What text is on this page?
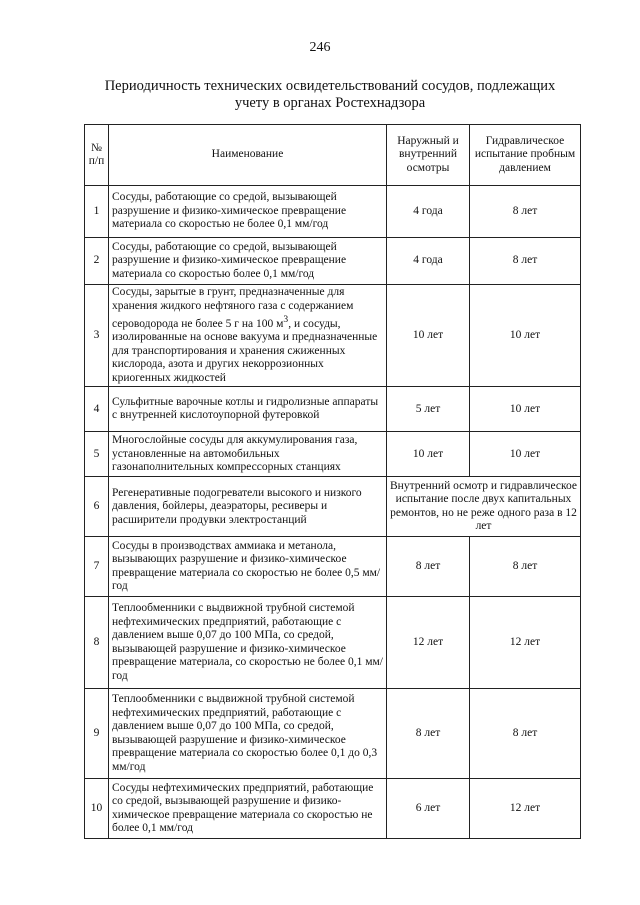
246
Периодичность технических освидетельствований сосудов, подлежащих
учету в органах Ростехнадзора
№ п/п	Наименование	Наружный и внутренний осмотры	Гидравлическое испытание пробным давлением
1	Сосуды, работающие со средой, вызывающей разрушение и физико-химическое превращение материала со скоростью не более 0,1 мм/год	4 года	8 лет
2	Сосуды, работающие со средой, вызывающей разрушение и физико-химическое превращение материала со скоростью более 0,1 мм/год	4 года	8 лет
3	Сосуды, зарытые в грунт, предназначенные для хранения жидкого нефтяного газа с содержанием сероводорода не более 5 г на 100 $м^3$, и сосуды, изолированные на основе вакуума и предназначенные для транспортирования и хранения сжиженных кислорода, азота и других некоррозионных криогенных жидкостей	10 лет	10 лет
4	Сульфитные варочные котлы и гидролизные аппараты с внутренней кислотоупорной футеровкой	5 лет	10 лет
5	Многослойные сосуды для аккумулирования газа, установленные на автомобильных газонаполнительных компрессорных станциях	10 лет	10 лет
6	Регенеративные подогреватели высокого и низкого давления, бойлеры, деаэраторы, ресиверы и расширители продувки электростанций	Внутренний осмотр и гидравлическое испытание после двух капитальных ремонтов, но не реже одного раза в 12 лет	
7	Сосуды в производствах аммиака и метанола, вызывающих разрушение и физико-химическое превращение материала со скоростью не более 0,5 мм/год	8 лет	8 лет
8	Теплообменники с выдвижной трубной системой нефтехимических предприятий, работающие с давлением выше 0,07 до 100 МПа, со средой, вызывающей разрушение и физико-химическое превращение материала, со скоростью не более 0,1 мм/год	12 лет	12 лет
9	Теплообменники с выдвижной трубной системой нефтехимических предприятий, работающие с давлением выше 0,07 до 100 МПа, со средой, вызывающей разрушение и физико-химическое превращение материала со скоростью более 0,1 до 0,3 мм/год	8 лет	8 лет
10	Сосуды нефтехимических предприятий, работающие со средой, вызывающей разрушение и физико-химическое превращение материала со скоростью не более 0,1 мм/год	6 лет	12 лет
